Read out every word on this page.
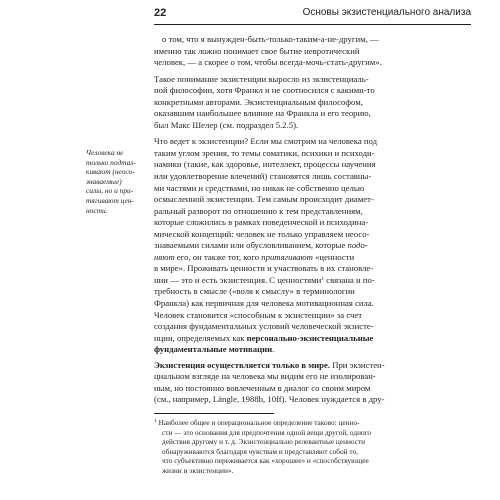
22	Основы экзистенциального анализа
о том, что я вынужден-быть-только-таким-а-не-другим, —
именно так ложно понимает свое бытие невротический
человек, — а скорее о том, чтобы всегда-мочь-стать-другим».
Такое понимание экзистенции выросло из экзистенциаль-
ной философии, хотя Франкл и не соотносился с какими-то
конкретными авторами. Экзистенциальным философом,
оказавшим наибольшее влияние на Франкла и его теорию,
был Макс Шелер (см. подраздел 5.2.5).
Что ведет к экзистенции? Если мы смотрим на человека под
таким углом зрения, то темы соматики, психики и психоди-
намики (такие, как здоровье, интеллект, процессы научения
или удовлетворение влечений) становятся лишь составны-
ми частями и средствами, но никак не собственно целью
осмысленной экзистенции. Тем самым происходит диамет-
ральный разворот по отношению к тем представлениям,
которые сложились в рамках поведенческой и психодина-
мической концепций: человек не только управляем неосо-
знаваемыми силами или обусловливанием, которые подо-
няют его, он также тот, кого притягивают «ценности
в мире». Проживать ценности и участвовать в их становле-
нии — это и есть экзистенция. С ценностями$^1$ связана и по-
требность в смысле («воля к смыслу» в терминологии
Франкла) как первичная для человека мотивационная сила.
Человек становится «способным к экзистенции» за счет
создания фундаментальных условий человеческой экзисте-
нции, определяемых как персонально-экзистенциальные
фундаментальные мотивации.
Экзистенция осуществляется только в мире. При экзистен-
циальном взгляде на человека мы видим его не изолирован-
ным, но постоянно вовлеченным в диалог со своим миром
(см., например, Längle, 1988b, 10ff). Человек нуждается в дру-
Человека не
только подтал-
кивают (неосо-
знаваемые)
силы, но и при-
тягивают цен-
ности.
$^1$ Наиболее общее и операциональное определение таково: ценно-
сти — это основания для предпочтения одной вещи другой, одного
действия другому и т. д. Экзистенциально релевантные ценности
обнаруживаются благодаря чувствам и представляют собой то,
что субъективно переживается как «хорошее» и «способствующее
жизни и экзистенции».
